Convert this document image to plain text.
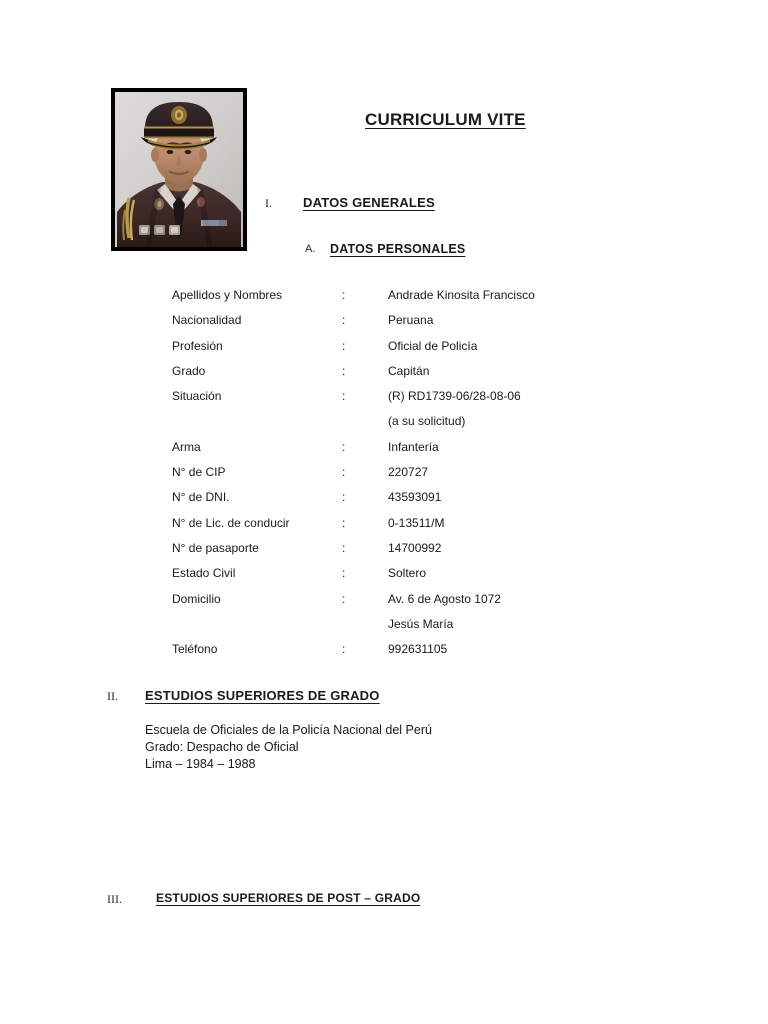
CURRICULUM VITE
I. DATOS GENERALES
A. DATOS PERSONALES
Apellidos y Nombres	:	Andrade Kinosita Francisco
Nacionalidad	:	Peruana
Profesión	:	Oficial de Policía
Grado	:	Capitán
Situación	:	(R) RD1739-06/28-08-06
(a su solicitud)

Arma	:	Infantería
N° de CIP	:	220727
N° de DNI.	:	43593091
N° de Lic. de conducir	:	0-13511/M
N° de pasaporte	:	14700992
Estado Civil	:	Soltero
Domicilio	:	Av. 6 de Agosto 1072
Jesús María

Teléfono	:	992631105
II. ESTUDIOS SUPERIORES DE GRADO
Escuela de Oficiales de la Policía Nacional del Perú
Grado: Despacho de Oficial
Lima – 1984 – 1988
III.	ESTUDIOS SUPERIORES DE POST – GRADO
